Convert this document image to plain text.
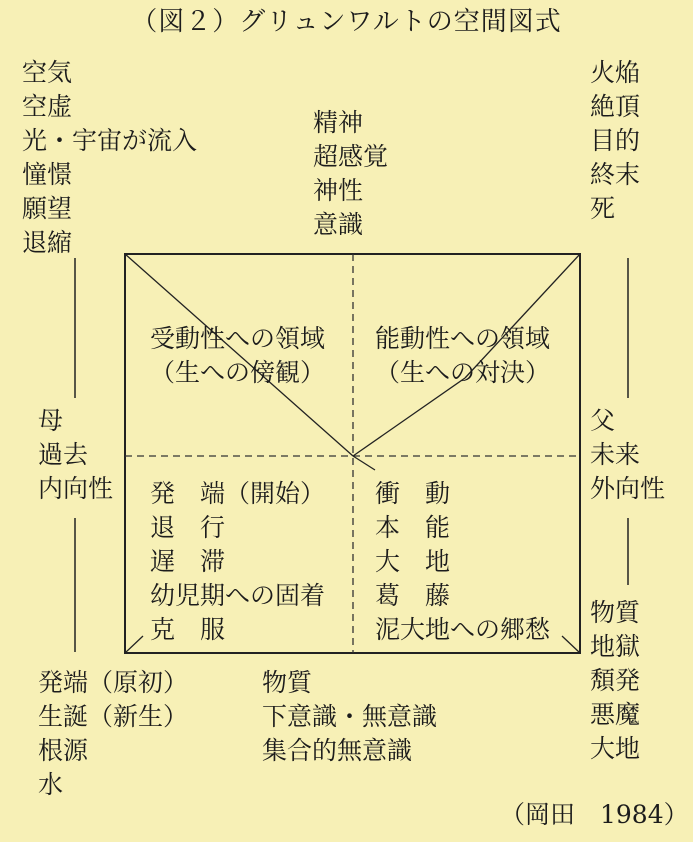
（図２）グリュンワルトの空間図式
空気
空虚
光・宇宙が流入
憧憬
願望
退縮
精神
超感覚
神性
意識
火焔
絶頂
目的
終末
死
母
過去
内向性
父
未来
外向性
受動性への領域
（生への傍観）
能動性への領域
（生への対決）
発　端（開始）
退　行
遅　滞
幼児期への固着
克　服
衝　動
本　能
大　地
葛　藤
泥大地への郷愁
発端（原初）
生誕（新生）
根源
水
物質
下意識・無意識
集合的無意識
物質
地獄
頽発
悪魔
大地
（岡田　1984）
